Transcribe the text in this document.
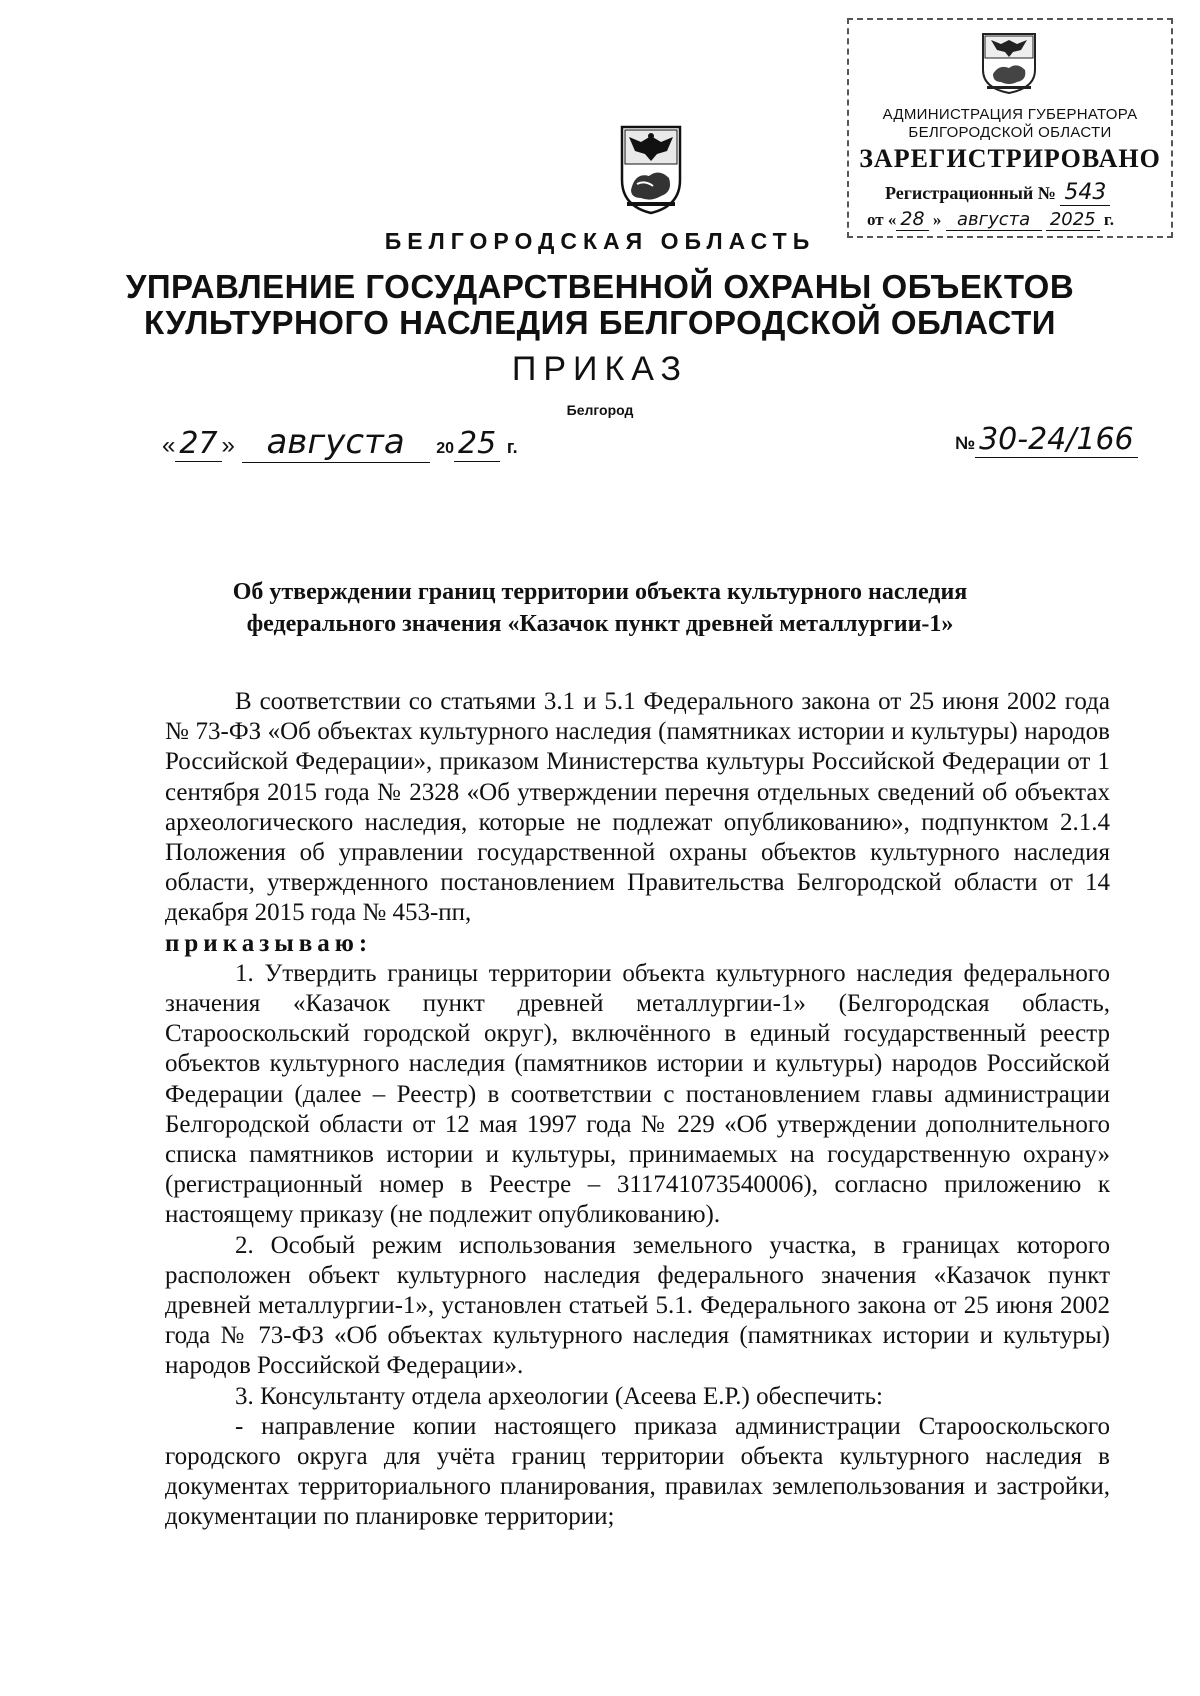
АДМИНИСТРАЦИЯ ГУБЕРНАТОРА
БЕЛГОРОДСКОЙ ОБЛАСТИ
ЗАРЕГИСТРИРОВАНО
Регистрационный № 543
от « 28 » августа 2025 г.
БЕЛГОРОДСКАЯ ОБЛАСТЬ
УПРАВЛЕНИЕ ГОСУДАРСТВЕННОЙ ОХРАНЫ ОБЪЕКТОВ
КУЛЬТУРНОГО НАСЛЕДИЯ БЕЛГОРОДСКОЙ ОБЛАСТИ
ПРИКАЗ
Белгород
« 27 » августа 20 25 г.	№ 30-24/166
Об утверждении границ территории объекта культурного наследия
федерального значения «Казачок пункт древней металлургии-1»

В соответствии со статьями 3.1 и 5.1 Федерального закона от 25 июня 2002 года № 73-ФЗ «Об объектах культурного наследия (памятниках истории и культуры) народов Российской Федерации», приказом Министерства культуры Российской Федерации от 1 сентября 2015 года № 2328 «Об утверждении перечня отдельных сведений об объектах археологического наследия, которые не подлежат опубликованию», подпунктом 2.1.4 Положения об управлении государственной охраны объектов культурного наследия области, утвержденного постановлением Правительства Белгородской области от 14 декабря 2015 года № 453-пп,

приказываю:

1. Утвердить границы территории объекта культурного наследия федерального значения «Казачок пункт древней металлургии-1» (Белгородская область, Старооскольский городской округ), включённого в единый государственный реестр объектов культурного наследия (памятников истории и культуры) народов Российской Федерации (далее – Реестр) в соответствии с постановлением главы администрации Белгородской области от 12 мая 1997 года № 229 «Об утверждении дополнительного списка памятников истории и культуры, принимаемых на государственную охрану» (регистрационный номер в Реестре – 311741073540006), согласно приложению к настоящему приказу (не подлежит опубликованию).

2. Особый режим использования земельного участка, в границах которого расположен объект культурного наследия федерального значения «Казачок пункт древней металлургии-1», установлен статьей 5.1. Федерального закона от 25 июня 2002 года № 73-ФЗ «Об объектах культурного наследия (памятниках истории и культуры) народов Российской Федерации».

3. Консультанту отдела археологии (Асеева Е.Р.) обеспечить:

- направление копии настоящего приказа администрации Старооскольского городского округа для учёта границ территории объекта культурного наследия в документах территориального планирования, правилах землепользования и застройки, документации по планировке территории;
